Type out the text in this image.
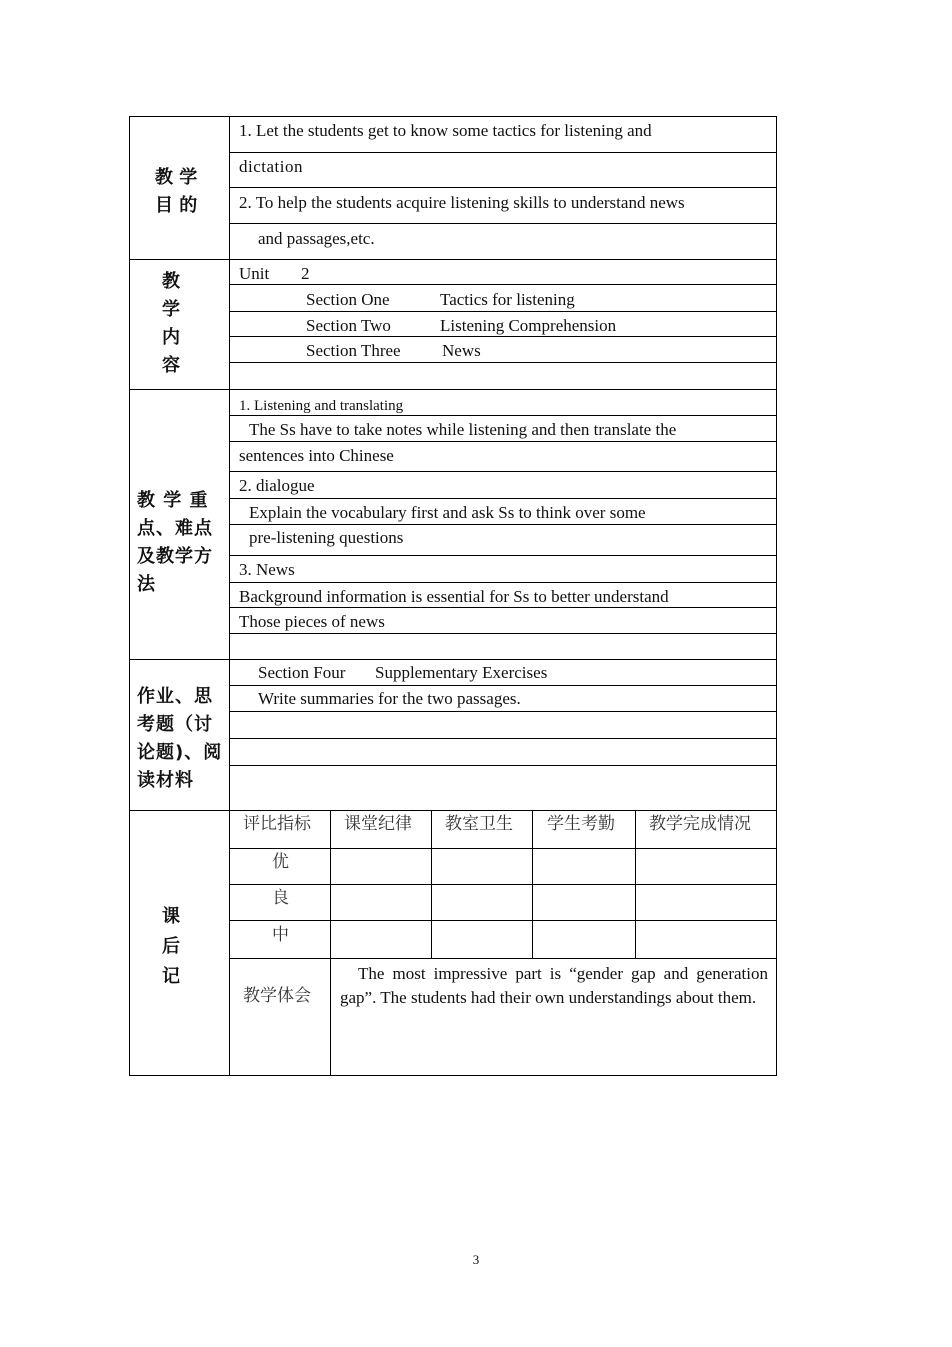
教 学
目 的
1. Let the students get to know some tactics for listening and
dictation
2. To help the students acquire listening skills to understand news
and passages,etc.
教
学
内
容
Unit 2
Section One	Tactics for listening
Section Two	Listening Comprehension
Section Three News
教 学 重
点、难点
及教学方
法
1. Listening and translating
The Ss have to take notes while listening and then translate the
sentences into Chinese
2. dialogue
Explain the vocabulary first and ask Ss to think over some
pre-listening questions
3. News
Background information is essential for Ss to better understand
Those pieces of news
作业、思
考题（讨
论题)、阅
读材料
Section Four Supplementary Exercises
Write summaries for the two passages.
课
后
记
评比指标 课堂纪律 教室卫生 学生考勤 教学完成情况
优
良
中
教学体会
The most impressive part is “gender gap and generation gap”. The students had their own understandings about them.
3
